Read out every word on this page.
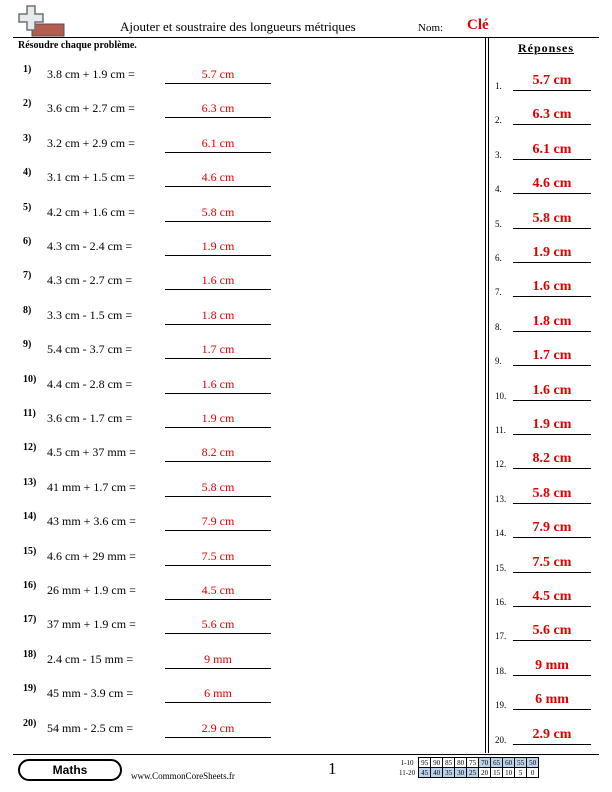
Ajouter et soustraire des longueurs métriques	Nom: Clé
Résoudre chaque problème.	Réponses
1) 3.8 cm + 1.9 cm =	5.7 cm
2) 3.6 cm + 2.7 cm =	6.3 cm
3) 3.2 cm + 2.9 cm =	6.1 cm
4) 3.1 cm + 1.5 cm =	4.6 cm
5) 4.2 cm + 1.6 cm =	5.8 cm
6) 4.3 cm - 2.4 cm =	1.9 cm
7) 4.3 cm - 2.7 cm =	1.6 cm
8) 3.3 cm - 1.5 cm =	1.8 cm
9) 5.4 cm - 3.7 cm =	1.7 cm
10) 4.4 cm - 2.8 cm =	1.6 cm
11) 3.6 cm - 1.7 cm =	1.9 cm
12) 4.5 cm + 37 mm =	8.2 cm
13) 41 mm + 1.7 cm =	5.8 cm
14) 43 mm + 3.6 cm =	7.9 cm
15) 4.6 cm + 29 mm =	7.5 cm
16) 26 mm + 1.9 cm =	4.5 cm
17) 37 mm + 1.9 cm =	5.6 cm
18) 2.4 cm - 15 mm =	9 mm
19) 45 mm - 3.9 cm =	6 mm
20) 54 mm - 2.5 cm =	2.9 cm
1.	5.7 cm
2.	6.3 cm
3.	6.1 cm
4.	4.6 cm
5.	5.8 cm
6.	1.9 cm
7.	1.6 cm
8.	1.8 cm
9.	1.7 cm
10.	1.6 cm
11.	1.9 cm
12.	8.2 cm
13.	5.8 cm
14.	7.9 cm
15.	7.5 cm
16.	4.5 cm
17.	5.6 cm
18.	9 mm
19.	6 mm
20.	2.9 cm
Maths	www.CommonCoreSheets.fr	1	1-10	95	90	85	80	75	70	65	60	55	50
11-20	45	40	35	30	25	20	15	10	5	0
